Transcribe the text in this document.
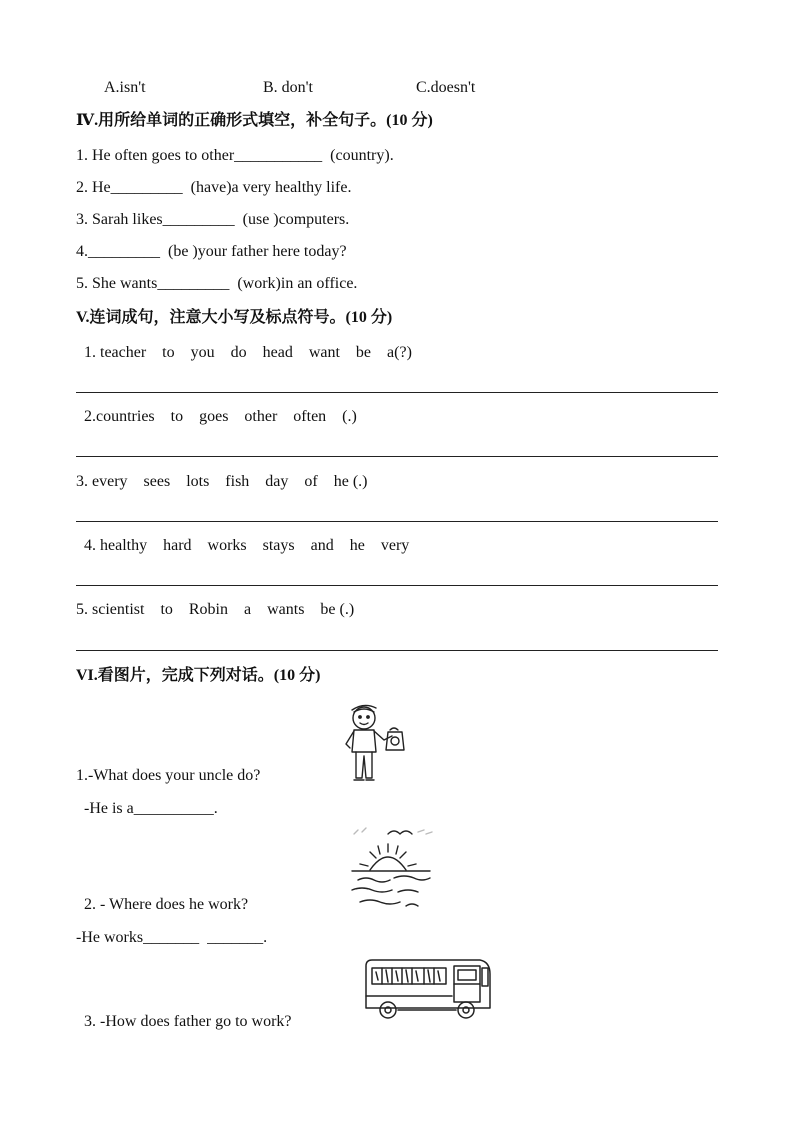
A.isn't	B. don't	C.doesn't
Ⅳ.用所给单词的正确形式填空，补全句子。(10 分)
1. He often goes to other___________  (country).
2. He_________  (have)a very healthy life.
3. Sarah likes_________  (use )computers.
4._________  (be )your father here today?
5. She wants_________  (work)in an office.
V.连词成句，注意大小写及标点符号。(10 分)
1. teacher    to    you    do    head    want    be    a(?)
2.countries    to    goes    other    often    (.)
3. every    sees    lots    fish    day    of    he (.)
4. healthy    hard    works    stays    and    he    very
5. scientist    to    Robin    a    wants    be (.)
VI.看图片，完成下列对话。(10 分)
1.-What does your uncle do?
-He is a__________.
2. - Where does he work?
-He works_______  _______.
3. -How does father go to work?
